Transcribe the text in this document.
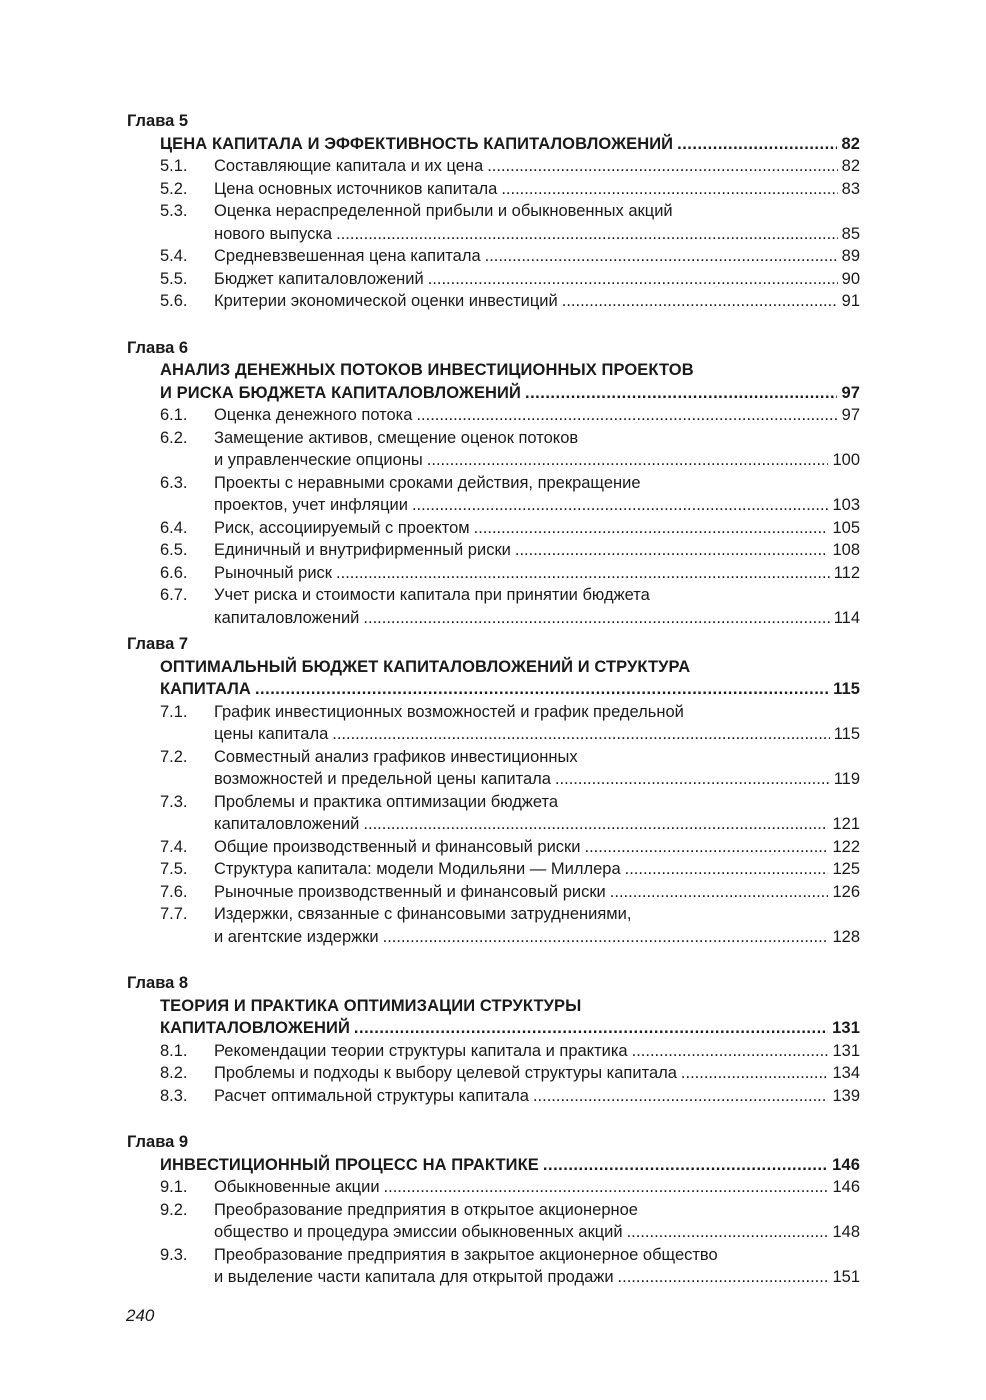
Глава 5
ЦЕНА КАПИТАЛА И ЭФФЕКТИВНОСТЬ КАПИТАЛОВЛОЖЕНИЙ .....	82
5.1. Составляющие капитала и их цена .....	82
5.2. Цена основных источников капитала .....	83
5.3. Оценка нераспределенной прибыли и обыкновенных акций
нового выпуска .....	85
5.4. Средневзвешенная цена капитала .....	89
5.5. Бюджет капиталовложений .....	90
5.6. Критерии экономической оценки инвестиций .....	91
Глава 6
АНАЛИЗ ДЕНЕЖНЫХ ПОТОКОВ ИНВЕСТИЦИОННЫХ ПРОЕКТОВ
И РИСКА БЮДЖЕТА КАПИТАЛОВЛОЖЕНИЙ .....	97
6.1. Оценка денежного потока .....	97
6.2. Замещение активов, смещение оценок потоков
и управленческие опционы .....	100
6.3. Проекты с неравными сроками действия, прекращение
проектов, учет инфляции .....	103
6.4. Риск, ассоциируемый с проектом .....	105
6.5. Единичный и внутрифирменный риски .....	108
6.6. Рыночный риск .....	112
6.7. Учет риска и стоимости капитала при принятии бюджета
капиталовложений .....	114
Глава 7
ОПТИМАЛЬНЫЙ БЮДЖЕТ КАПИТАЛОВЛОЖЕНИЙ И СТРУКТУРА
КАПИТАЛА .....	115
7.1. График инвестиционных возможностей и график предельной
цены капитала .....	115
7.2. Совместный анализ графиков инвестиционных
возможностей и предельной цены капитала .....	119
7.3. Проблемы и практика оптимизации бюджета
капиталовложений .....	121
7.4. Общие производственный и финансовый риски .....	122
7.5. Структура капитала: модели Модильяни — Миллера .....	125
7.6. Рыночные производственный и финансовый риски .....	126
7.7. Издержки, связанные с финансовыми затруднениями,
и агентские издержки .....	128
Глава 8
ТЕОРИЯ И ПРАКТИКА ОПТИМИЗАЦИИ СТРУКТУРЫ
КАПИТАЛОВЛОЖЕНИЙ .....	131
8.1. Рекомендации теории структуры капитала и практика .....	131
8.2. Проблемы и подходы к выбору целевой структуры капитала .....	134
8.3. Расчет оптимальной структуры капитала .....	139
Глава 9
ИНВЕСТИЦИОННЫЙ ПРОЦЕСС НА ПРАКТИКЕ .....	146
9.1. Обыкновенные акции .....	146
9.2. Преобразование предприятия в открытое акционерное
общество и процедура эмиссии обыкновенных акций .....	148
9.3. Преобразование предприятия в закрытое акционерное общество
и выделение части капитала для открытой продажи .....	151
240
